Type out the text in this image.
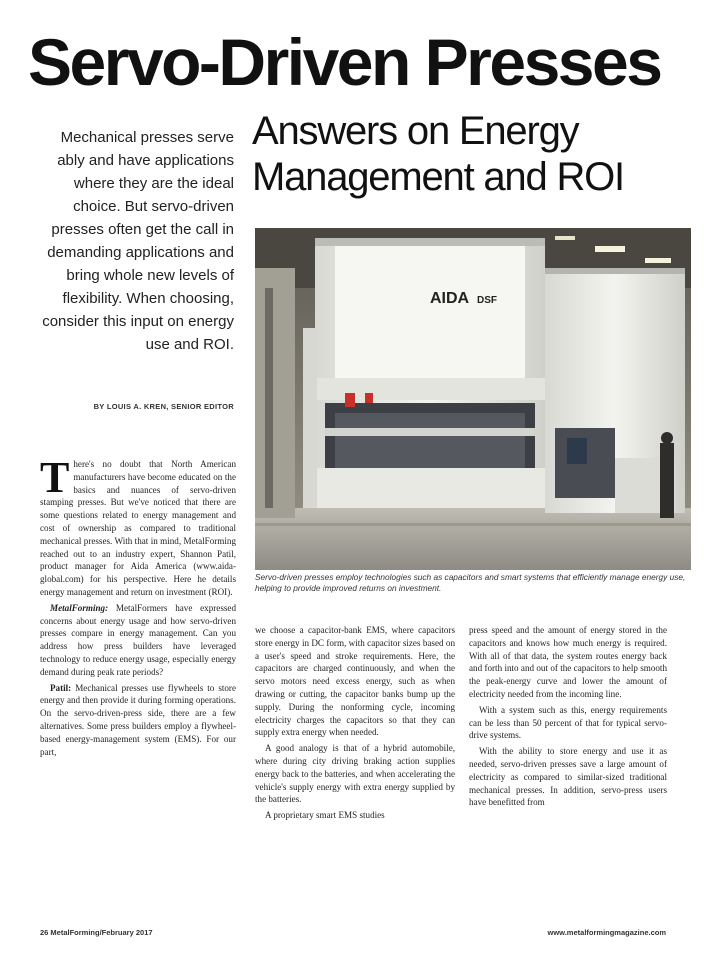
Servo-Driven Presses
Answers on Energy
Management and ROI
Mechanical presses serve ably and have applications where they are the ideal choice. But servo-driven presses often get the call in demanding applications and bring whole new levels of flexibility. When choosing, consider this input on energy use and ROI.
BY LOUIS A. KREN, SENIOR EDITOR
AIDA DSF
Servo-driven presses employ technologies such as capacitors and smart systems that efficiently manage energy use, helping to provide improved returns on investment.

There's no doubt that North American manufacturers have become educated on the basics and nuances of servo-driven stamping presses. But we've noticed that there are some questions related to energy management and cost of ownership as compared to traditional mechanical presses. With that in mind, MetalForming reached out to an industry expert, Shannon Patil, product manager for Aida America (www.aida-global.com) for his perspective. Here he details energy management and return on investment (ROI).

MetalForming: MetalFormers have expressed concerns about energy usage and how servo-driven presses compare in energy management. Can you address how press builders have leveraged technology to reduce energy usage, especially energy demand during peak rate periods?

Patil: Mechanical presses use flywheels to store energy and then provide it during forming operations. On the servo-driven-press side, there are a few alternatives. Some press builders employ a flywheel-based energy-management system (EMS). For our part,

we choose a capacitor-bank EMS, where capacitors store energy in DC form, with capacitor sizes based on a user's speed and stroke requirements. Here, the capacitors are charged continuously, and when the servo motors need excess energy, such as when drawing or cutting, the capacitor banks bump up the supply. During the nonforming cycle, incoming electricity charges the capacitors so that they can supply extra energy when needed.

A good analogy is that of a hybrid automobile, where during city driving braking action supplies energy back to the batteries, and when accelerating the vehicle's supply energy with extra energy supplied by the batteries.

A proprietary smart EMS studies

press speed and the amount of energy stored in the capacitors and knows how much energy is required. With all of that data, the system routes energy back and forth into and out of the capacitors to help smooth the peak-energy curve and lower the amount of electricity needed from the incoming line.

With a system such as this, energy requirements can be less than 50 percent of that for typical servo-drive systems.

With the ability to store energy and use it as needed, servo-driven presses save a large amount of electricity as compared to similar-sized traditional mechanical presses. In addition, servo-press users have benefitted from

26 MetalForming/February 2017	www.metalformingmagazine.com
